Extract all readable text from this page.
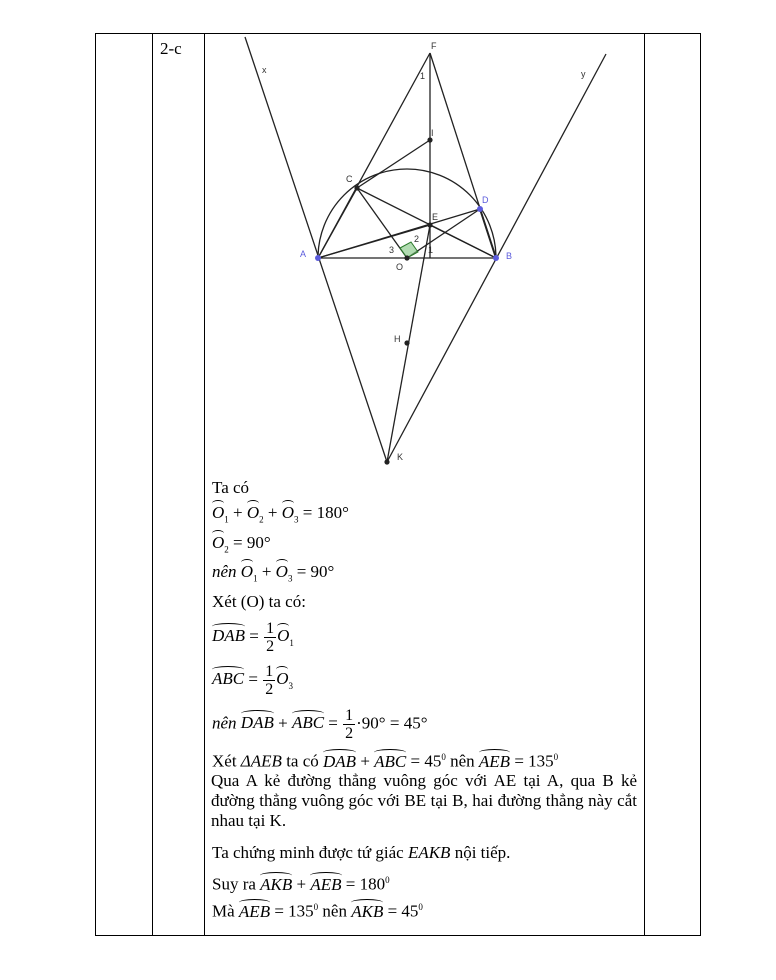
2-c
x	y
F
1
I
C
D
E
2
3	1
A	B
O
H
K
Ta có
$O_1 + O_2 + O_3 = 180^\circ$
$O_2 = 90^\circ$
nên $O_1 + O_3 = 90^\circ$
Xét (O) ta có:
DAB = $\frac{1}{2} O_1$
ABC = $\frac{1}{2} O_3$
nên DAB + ABC = $\frac{1}{2} \cdot 90^\circ = 45^\circ$
Xét ΔAEB ta có DAB + ABC = $45^0$ nên AEB = $135^0$
Qua A kẻ đường thẳng vuông góc với AE tại A, qua B kẻ đường thẳng vuông góc với BE tại B, hai đường thẳng này cắt nhau tại K.
Ta chứng minh được tứ giác EAKB nội tiếp.
Suy ra AKB + AEB = $180^0$
Mà AEB = $135^0$ nên AKB = $45^0$
